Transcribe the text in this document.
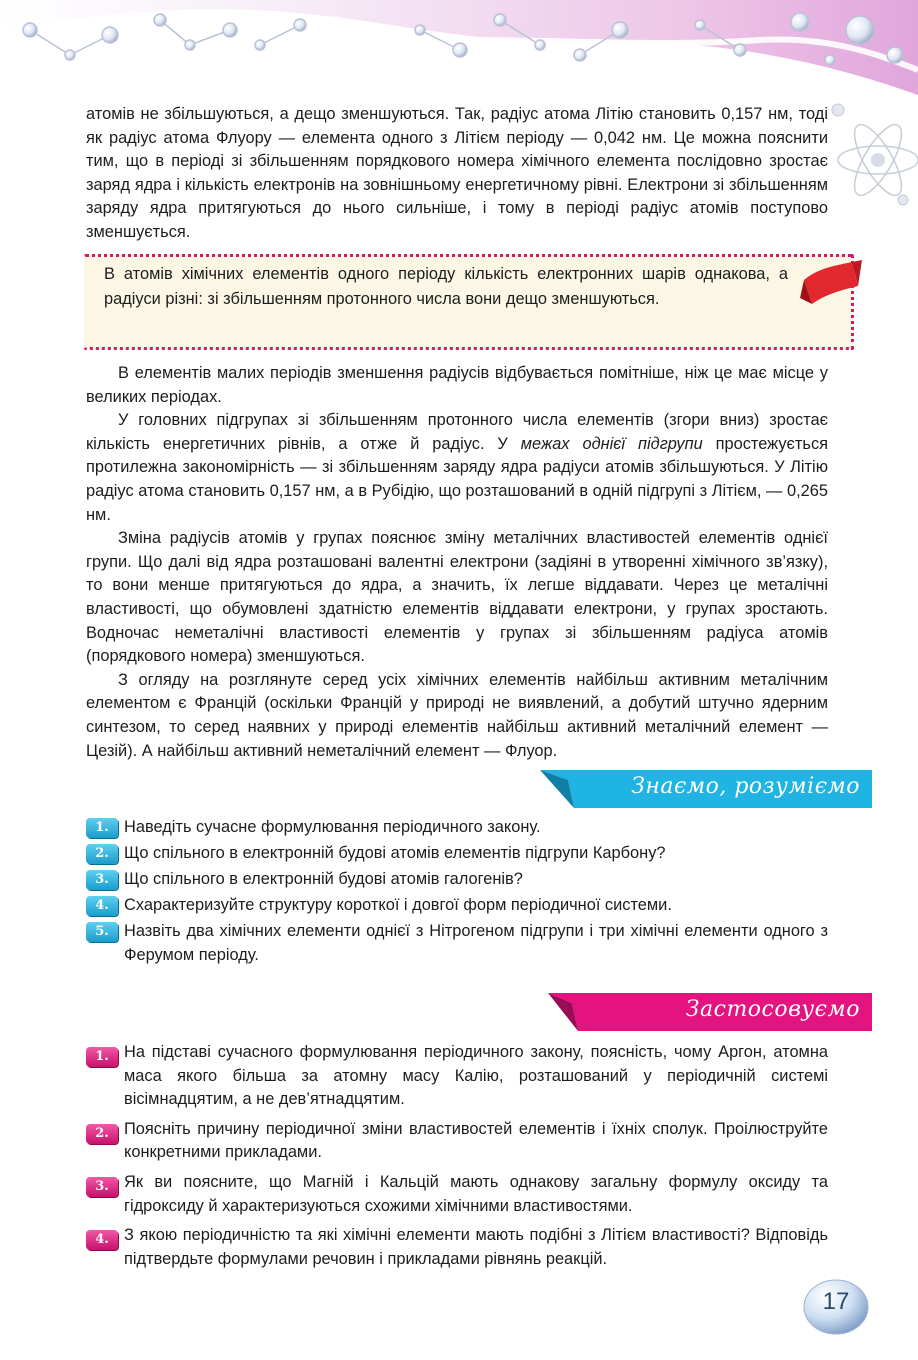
атомів не збільшуються, а дещо зменшуються. Так, радіус атома Літію становить 0,157 нм, тоді як радіус атома Флуору — елемента одного з Літієм періоду — 0,042 нм. Це можна пояснити тим, що в періоді зі збільшенням порядкового номера хімічного елемента послідовно зростає заряд ядра і кількість електронів на зовнішньому енергетичному рівні. Електрони зі збільшенням заряду ядра притягуються до нього сильніше, і тому в періоді радіус атомів поступово зменшується.

В атомів хімічних елементів одного періоду кількість електронних шарів однакова, а радіуси різні: зі збільшенням протонного числа вони дещо зменшуються.

В елементів малих періодів зменшення радіусів відбувається помітніше, ніж це має місце у великих періодах.

У головних підгрупах зі збільшенням протонного числа елементів (згори вниз) зростає кількість енергетичних рівнів, а отже й радіус. У межах однієї підгрупи простежується протилежна закономірність — зі збільшенням заряду ядра радіуси атомів збільшуються. У Літію радіус атома становить 0,157 нм, а в Рубідію, що розташований в одній підгрупі з Літієм, — 0,265 нм.

Зміна радіусів атомів у групах пояснює зміну металічних властивостей елементів однієї групи. Що далі від ядра розташовані валентні електрони (задіяні в утворенні хімічного зв’язку), то вони менше притягуються до ядра, а значить, їх легше віддавати. Через це металічні властивості, що обумовлені здатністю елементів віддавати електрони, у групах зростають. Водночас неметалічні властивості елементів у групах зі збільшенням радіуса атомів (порядкового номера) зменшуються.

З огляду на розглянуте серед усіх хімічних елементів найбільш активним металічним елементом є Францій (оскільки Францій у природі не виявлений, а добутий штучно ядерним синтезом, то серед наявних у природі елементів найбільш активний металічний елемент — Цезій). А найбільш активний неметалічний елемент — Флуор.

Знаємо, розуміємо
1. Наведіть сучасне формулювання періодичного закону.
2. Що спільного в електронній будові атомів елементів підгрупи Карбону?
3. Що спільного в електронній будові атомів галогенів?
4. Схарактеризуйте структуру короткої і довгої форм періодичної системи.
5. Назвіть два хімічних елементи однієї з Нітрогеном підгрупи і три хімічні елементи одного з Ферумом періоду.
Застосовуємо
1. На підставі сучасного формулювання періодичного закону, поясність, чому Аргон, атомна маса якого більша за атомну масу Калію, розташований у періодичній системі вісімнадцятим, а не дев’ятнадцятим.
2. Поясніть причину періодичної зміни властивостей елементів і їхніх сполук. Проілюструйте конкретними прикладами.
3. Як ви поясните, що Магній і Кальцій мають однакову загальну формулу оксиду та гідроксиду й характеризуються схожими хімічними властивостями.
4. З якою періодичністю та які хімічні елементи мають подібні з Літієм властивості? Відповідь підтвердьте формулами речовин і прикладами рівнянь реакцій.
17
